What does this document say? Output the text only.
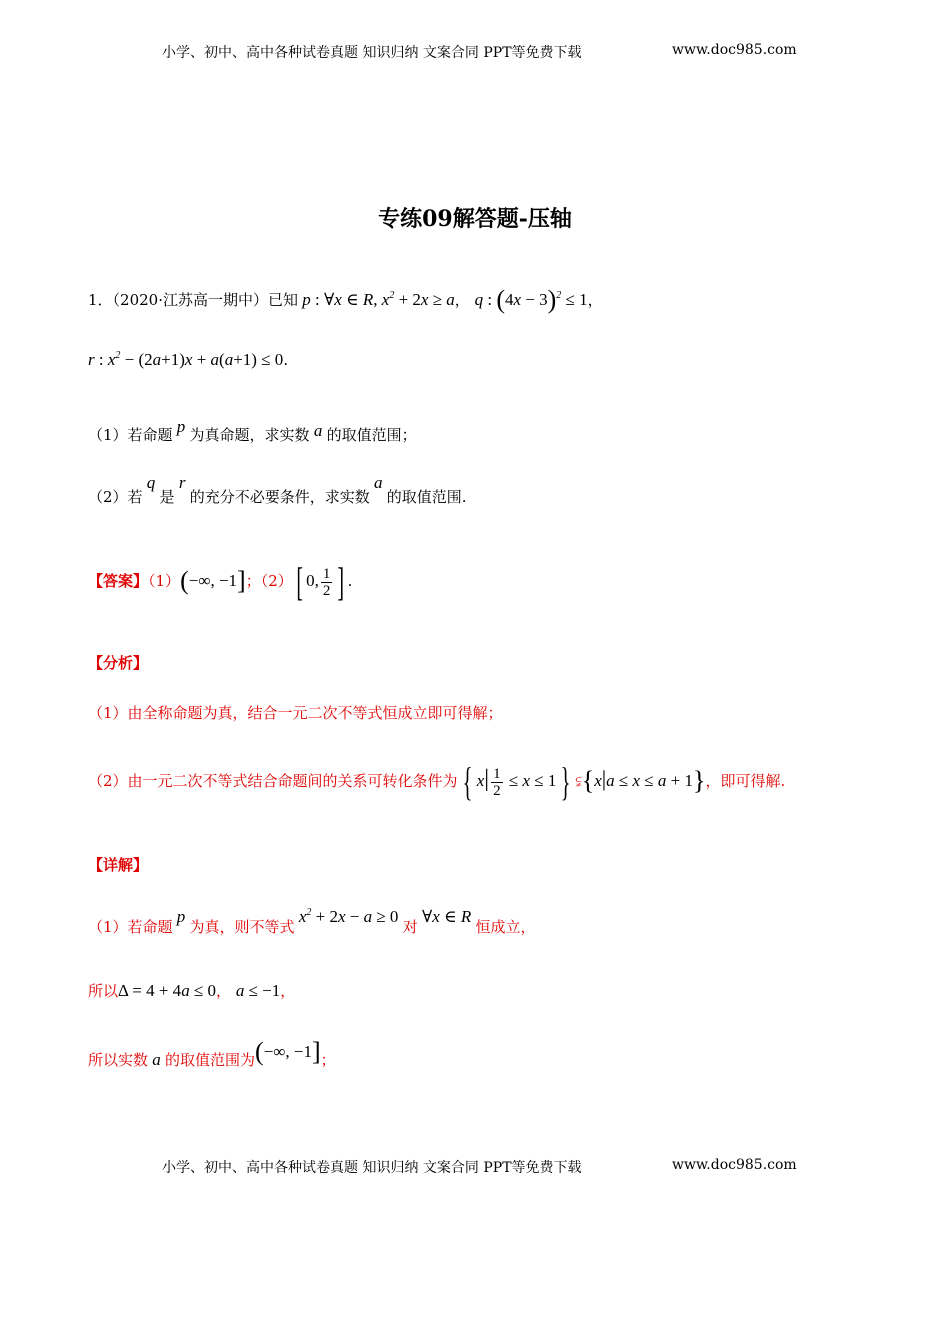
小学、初中、高中各种试卷真题 知识归纳 文案合同 PPT等免费下载	www.doc985.com
专练09解答题-压轴
1．（2020·江苏高一期中）已知 p : ∀x ∈ R, $x^2 + 2x \ge a$， q : $(4x - 3)^2 \le 1$，
r : $x^2 - (2a+1)x + a(a+1) \le 0$.
（1）若命题 p 为真命题，求实数 a 的取值范围；
（2）若 q 是 r 的充分不必要条件，求实数 a 的取值范围.
【答案】（1）(−∞, −1]；（2）[ 0, $\frac{1}{2}$ ] .
【分析】
（1）由全称命题为真，结合一元二次不等式恒成立即可得解；
（2）由一元二次不等式结合命题间的关系可转化条件为 { $x| \frac{1}{2} \le x \le 1$ } ⫋{x|a ≤ x ≤ a + 1}，即可得解.
【详解】
（1）若命题 p 为真，则不等式 $x^2 + 2x - a \ge 0$ 对 ∀x ∈ R 恒成立，
所以Δ = 4 + 4a ≤ 0， a ≤ −1，
所以实数 a 的取值范围为(−∞, −1]；
小学、初中、高中各种试卷真题 知识归纳 文案合同 PPT等免费下载	www.doc985.com
